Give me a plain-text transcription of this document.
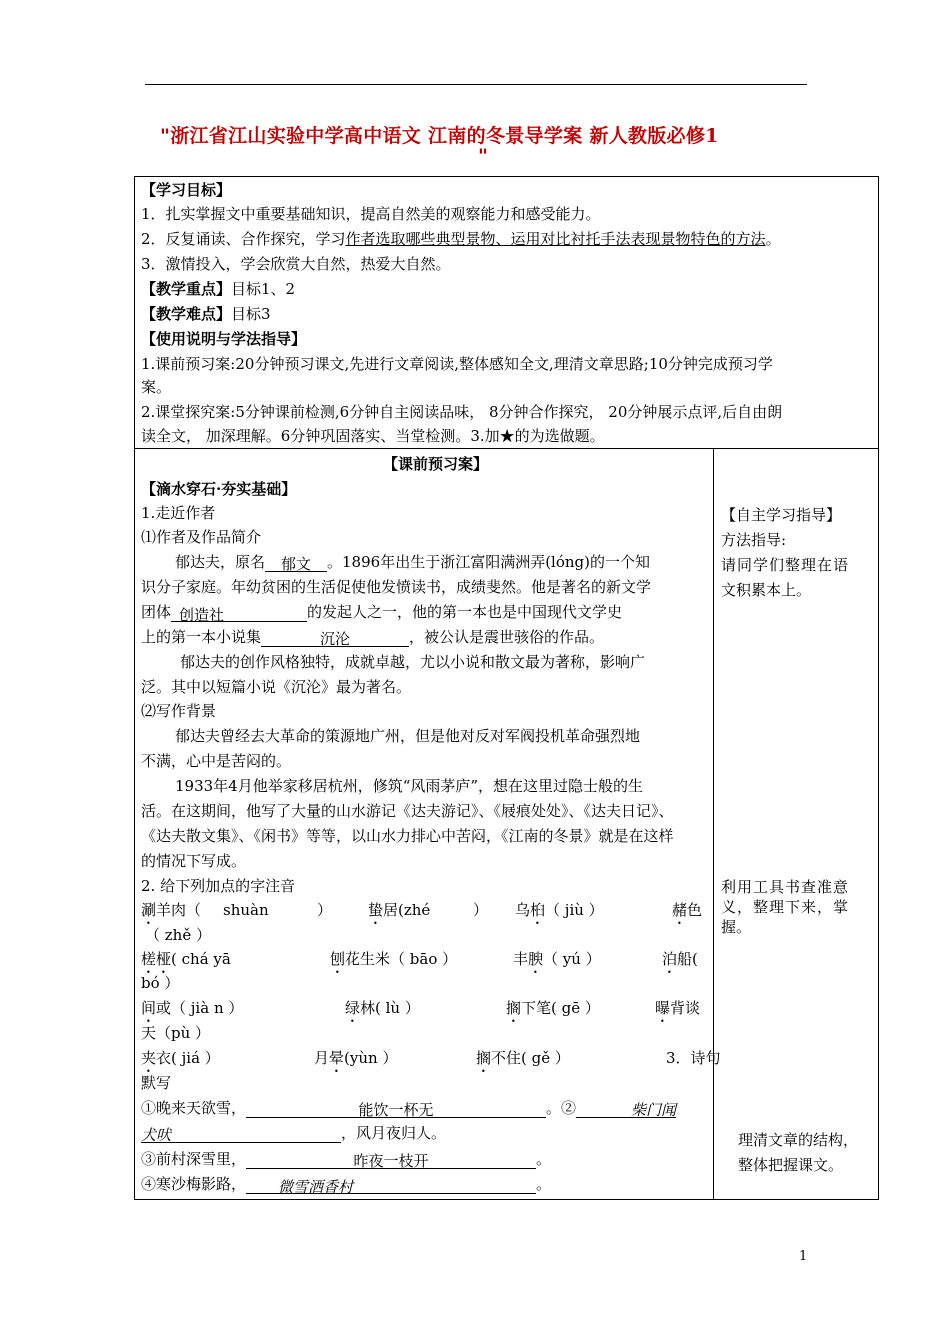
"浙江省江山实验中学高中语文 江南的冬景导学案 新人教版必修1
"
【学习目标】
1．扎实掌握文中重要基础知识，提高自然美的观察能力和感受能力。
2．反复诵读、合作探究，学习作者选取哪些典型景物、运用对比衬托手法表现景物特色的方法。
3．激情投入，学会欣赏大自然，热爱大自然。
【教学重点】目标1、2
【教学难点】目标3
【使用说明与学法指导】
1.课前预习案:20分钟预习课文,先进行文章阅读,整体感知全文,理清文章思路;10分钟完成预习学
案。
2.课堂探究案:5分钟课前检测,6分钟自主阅读品味， 8分钟合作探究， 20分钟展示点评,后自由朗
读全文， 加深理解。6分钟巩固落实、当堂检测。3.加★的为选做题。
【课前预习案】
【滴水穿石·夯实基础】
1.走近作者
⑴作者及作品简介
郁达夫，原名 郁文 。1896年出生于浙江富阳满洲弄(lóng)的一个知
识分子家庭。年幼贫困的生活促使他发愤读书，成绩斐然。他是著名的新文学
团体 创造社	的发起人之一，他的第一本也是中国现代文学史
上的第一本小说集	沉沦	，被公认是震世骇俗的作品。
郁达夫的创作风格独特，成就卓越，尤以小说和散文最为著称，影响广
泛。其中以短篇小说《沉沦》最为著名。
⑵写作背景
郁达夫曾经去大革命的策源地广州，但是他对反对军阀投机革命强烈地
不满，心中是苦闷的。
1933年4月他举家移居杭州，修筑“风雨茅庐”，想在这里过隐士般的生
活。在这期间，他写了大量的山水游记《达夫游记》、《屐痕处处》、《达夫日记》、
《达夫散文集》、《闲书》等等，以山水力排心中苦闷，《江南的冬景》就是在这样
的情况下写成。
2. 给下列加点的字注音
涮羊肉（ shuàn	） 蛰居(zhé	） 乌桕（ jiù ）	赭色
（ zhě ）
槎桠( chá yā	刨花生米（ bāo ）	丰腴（ yú ）	泊船(
bó ）
间或（ jià n ）	绿林( lù ）	搁下笔( gē ）	曝背谈
天（pù ）
夹衣( jiá ）	月晕(yùn ）	搁不住( gě ）	3．诗句
默写
①晚来天欲雪，	能饮一杯无	。②	柴门闻
犬吠	，风月夜归人。
③前村深雪里，	昨夜一枝开	。
④寒沙梅影路， 微雪洒香村	。
【自主学习指导】
方法指导:
请同学们整理在语
文积累本上。
利用工具书查准意
义，整理下来，掌
握。
理清文章的结构，
整体把握课文。
1
